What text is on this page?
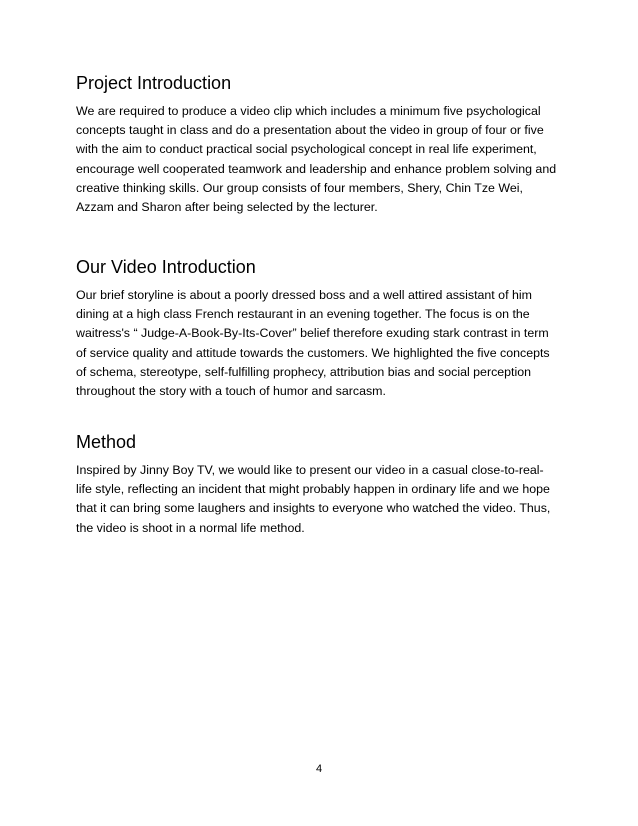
Project Introduction

We are required to produce a video clip which includes a minimum five psychological
concepts taught in class and do a presentation about the video in group of four or five
with the aim to conduct practical social psychological concept in real life experiment,
encourage well cooperated teamwork and leadership and enhance problem solving and
creative thinking skills. Our group consists of four members, Shery, Chin Tze Wei,
Azzam and Sharon after being selected by the lecturer.

Our Video Introduction

Our brief storyline is about a poorly dressed boss and a well attired assistant of him
dining at a high class French restaurant in an evening together. The focus is on the
waitress's “ Judge-A-Book-By-Its-Cover” belief therefore exuding stark contrast in term
of service quality and attitude towards the customers. We highlighted the five concepts
of schema, stereotype, self-fulfilling prophecy, attribution bias and social perception
throughout the story with a touch of humor and sarcasm.

Method

Inspired by Jinny Boy TV, we would like to present our video in a casual close-to-real-
life style, reflecting an incident that might probably happen in ordinary life and we hope
that it can bring some laughers and insights to everyone who watched the video. Thus,
the video is shoot in a normal life method.

4
